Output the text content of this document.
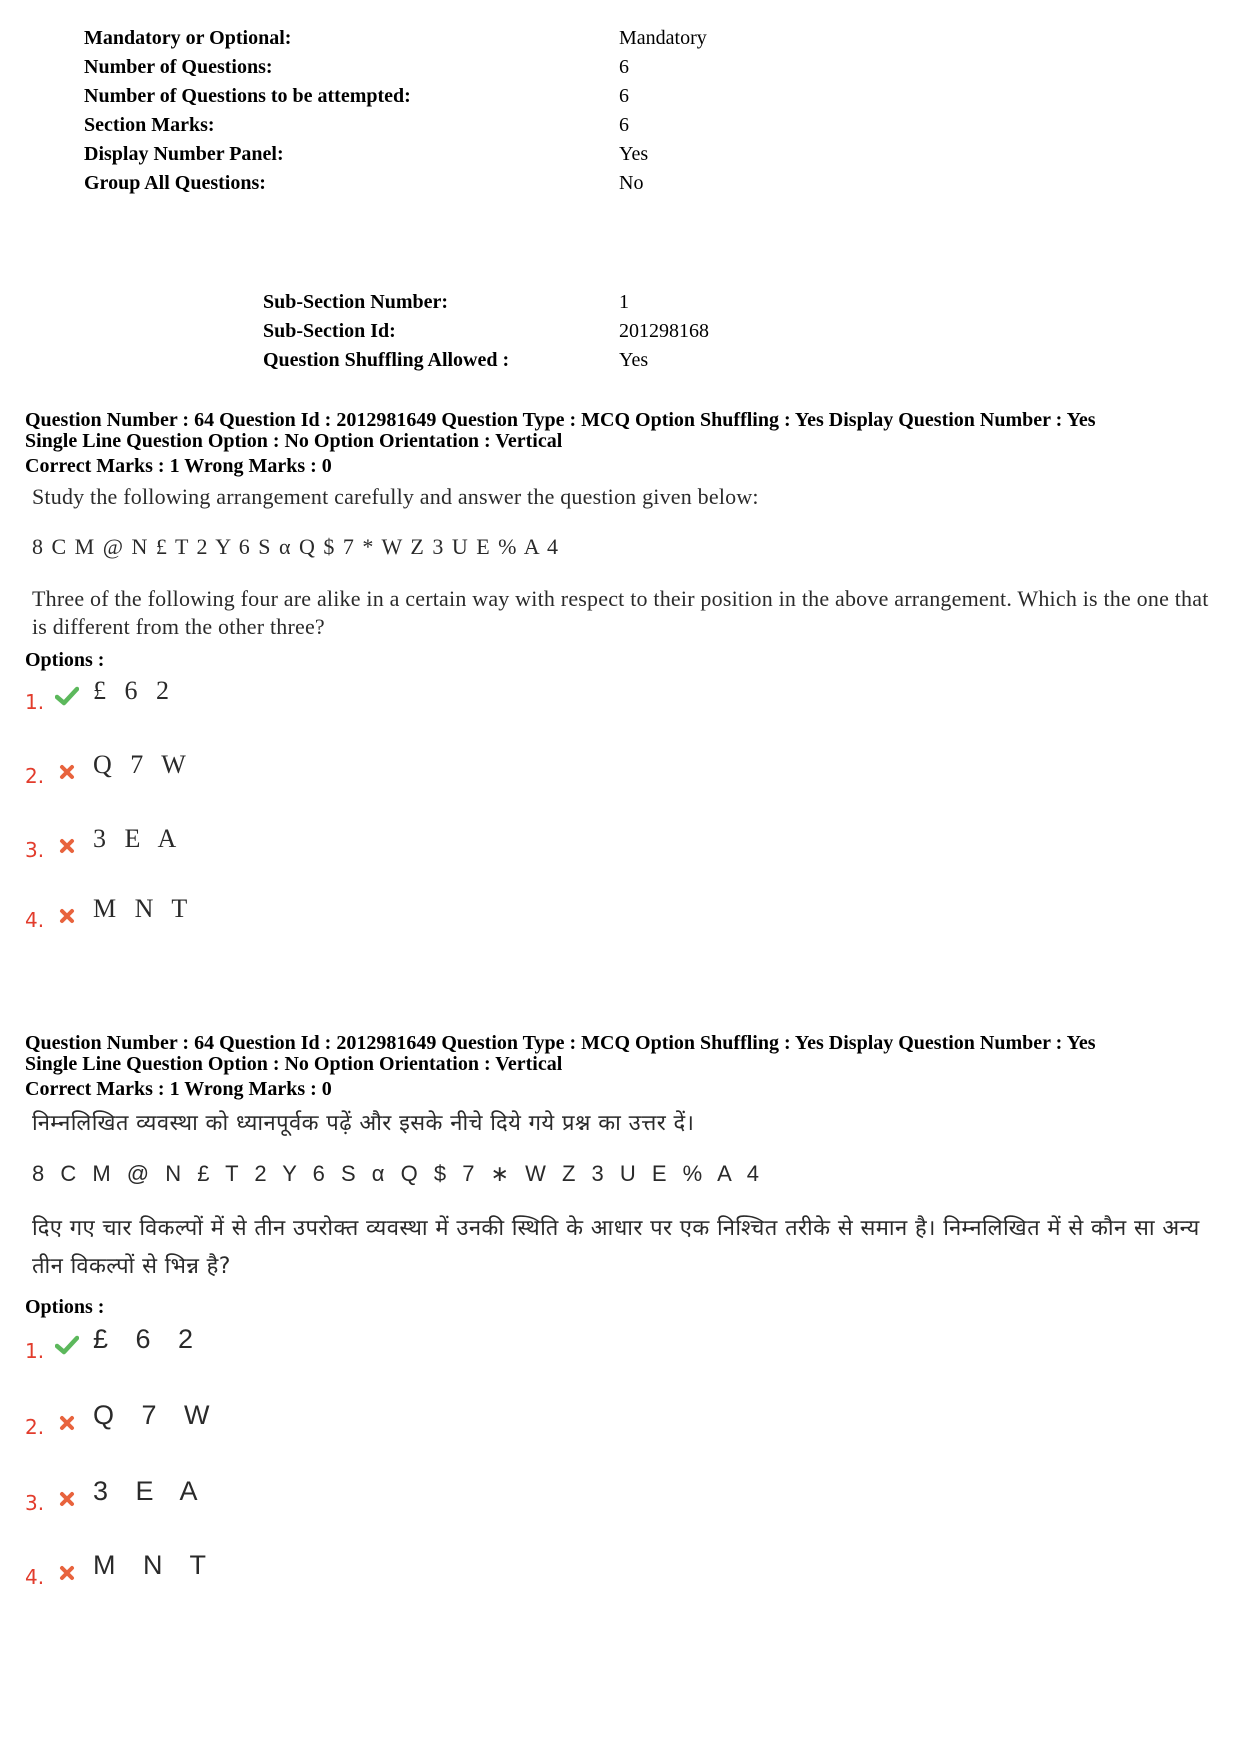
Mandatory or Optional:	Mandatory
Number of Questions:	6
Number of Questions to be attempted:	6
Section Marks:	6
Display Number Panel:	Yes
Group All Questions:	No
Sub-Section Number:	1
Sub-Section Id:	201298168
Question Shuffling Allowed :	Yes
Question Number : 64 Question Id : 2012981649 Question Type : MCQ Option Shuffling : Yes Display Question Number : Yes
Single Line Question Option : No Option Orientation : Vertical
Correct Marks : 1 Wrong Marks : 0
Study the following arrangement carefully and answer the question given below:
8 C M @ N £ T 2 Y 6 S α Q $ 7 * W Z 3 U E % A 4
Three of the following four are alike in a certain way with respect to their position in the above arrangement. Which is the one that is different from the other three?
Options :
1.	£ 6 2
2.	Q 7 W
3.	3 E A
4.	M N T
Question Number : 64 Question Id : 2012981649 Question Type : MCQ Option Shuffling : Yes Display Question Number : Yes
Single Line Question Option : No Option Orientation : Vertical
Correct Marks : 1 Wrong Marks : 0
निम्नलिखित व्यवस्था को ध्यानपूर्वक पढ़ें और इसके नीचे दिये गये प्रश्न का उत्तर दें।
8 C M @ N £ T 2 Y 6 S α Q $ 7 ∗ W Z 3 U E % A 4
दिए गए चार विकल्पों में से तीन उपरोक्त व्यवस्था में उनकी स्थिति के आधार पर एक निश्चित तरीके से समान है। निम्नलिखित में से कौन सा अन्य तीन विकल्पों से भिन्न है?
Options :
1.	£ 6 2
2.	Q 7 W
3.	3 E A
4.	M N T
